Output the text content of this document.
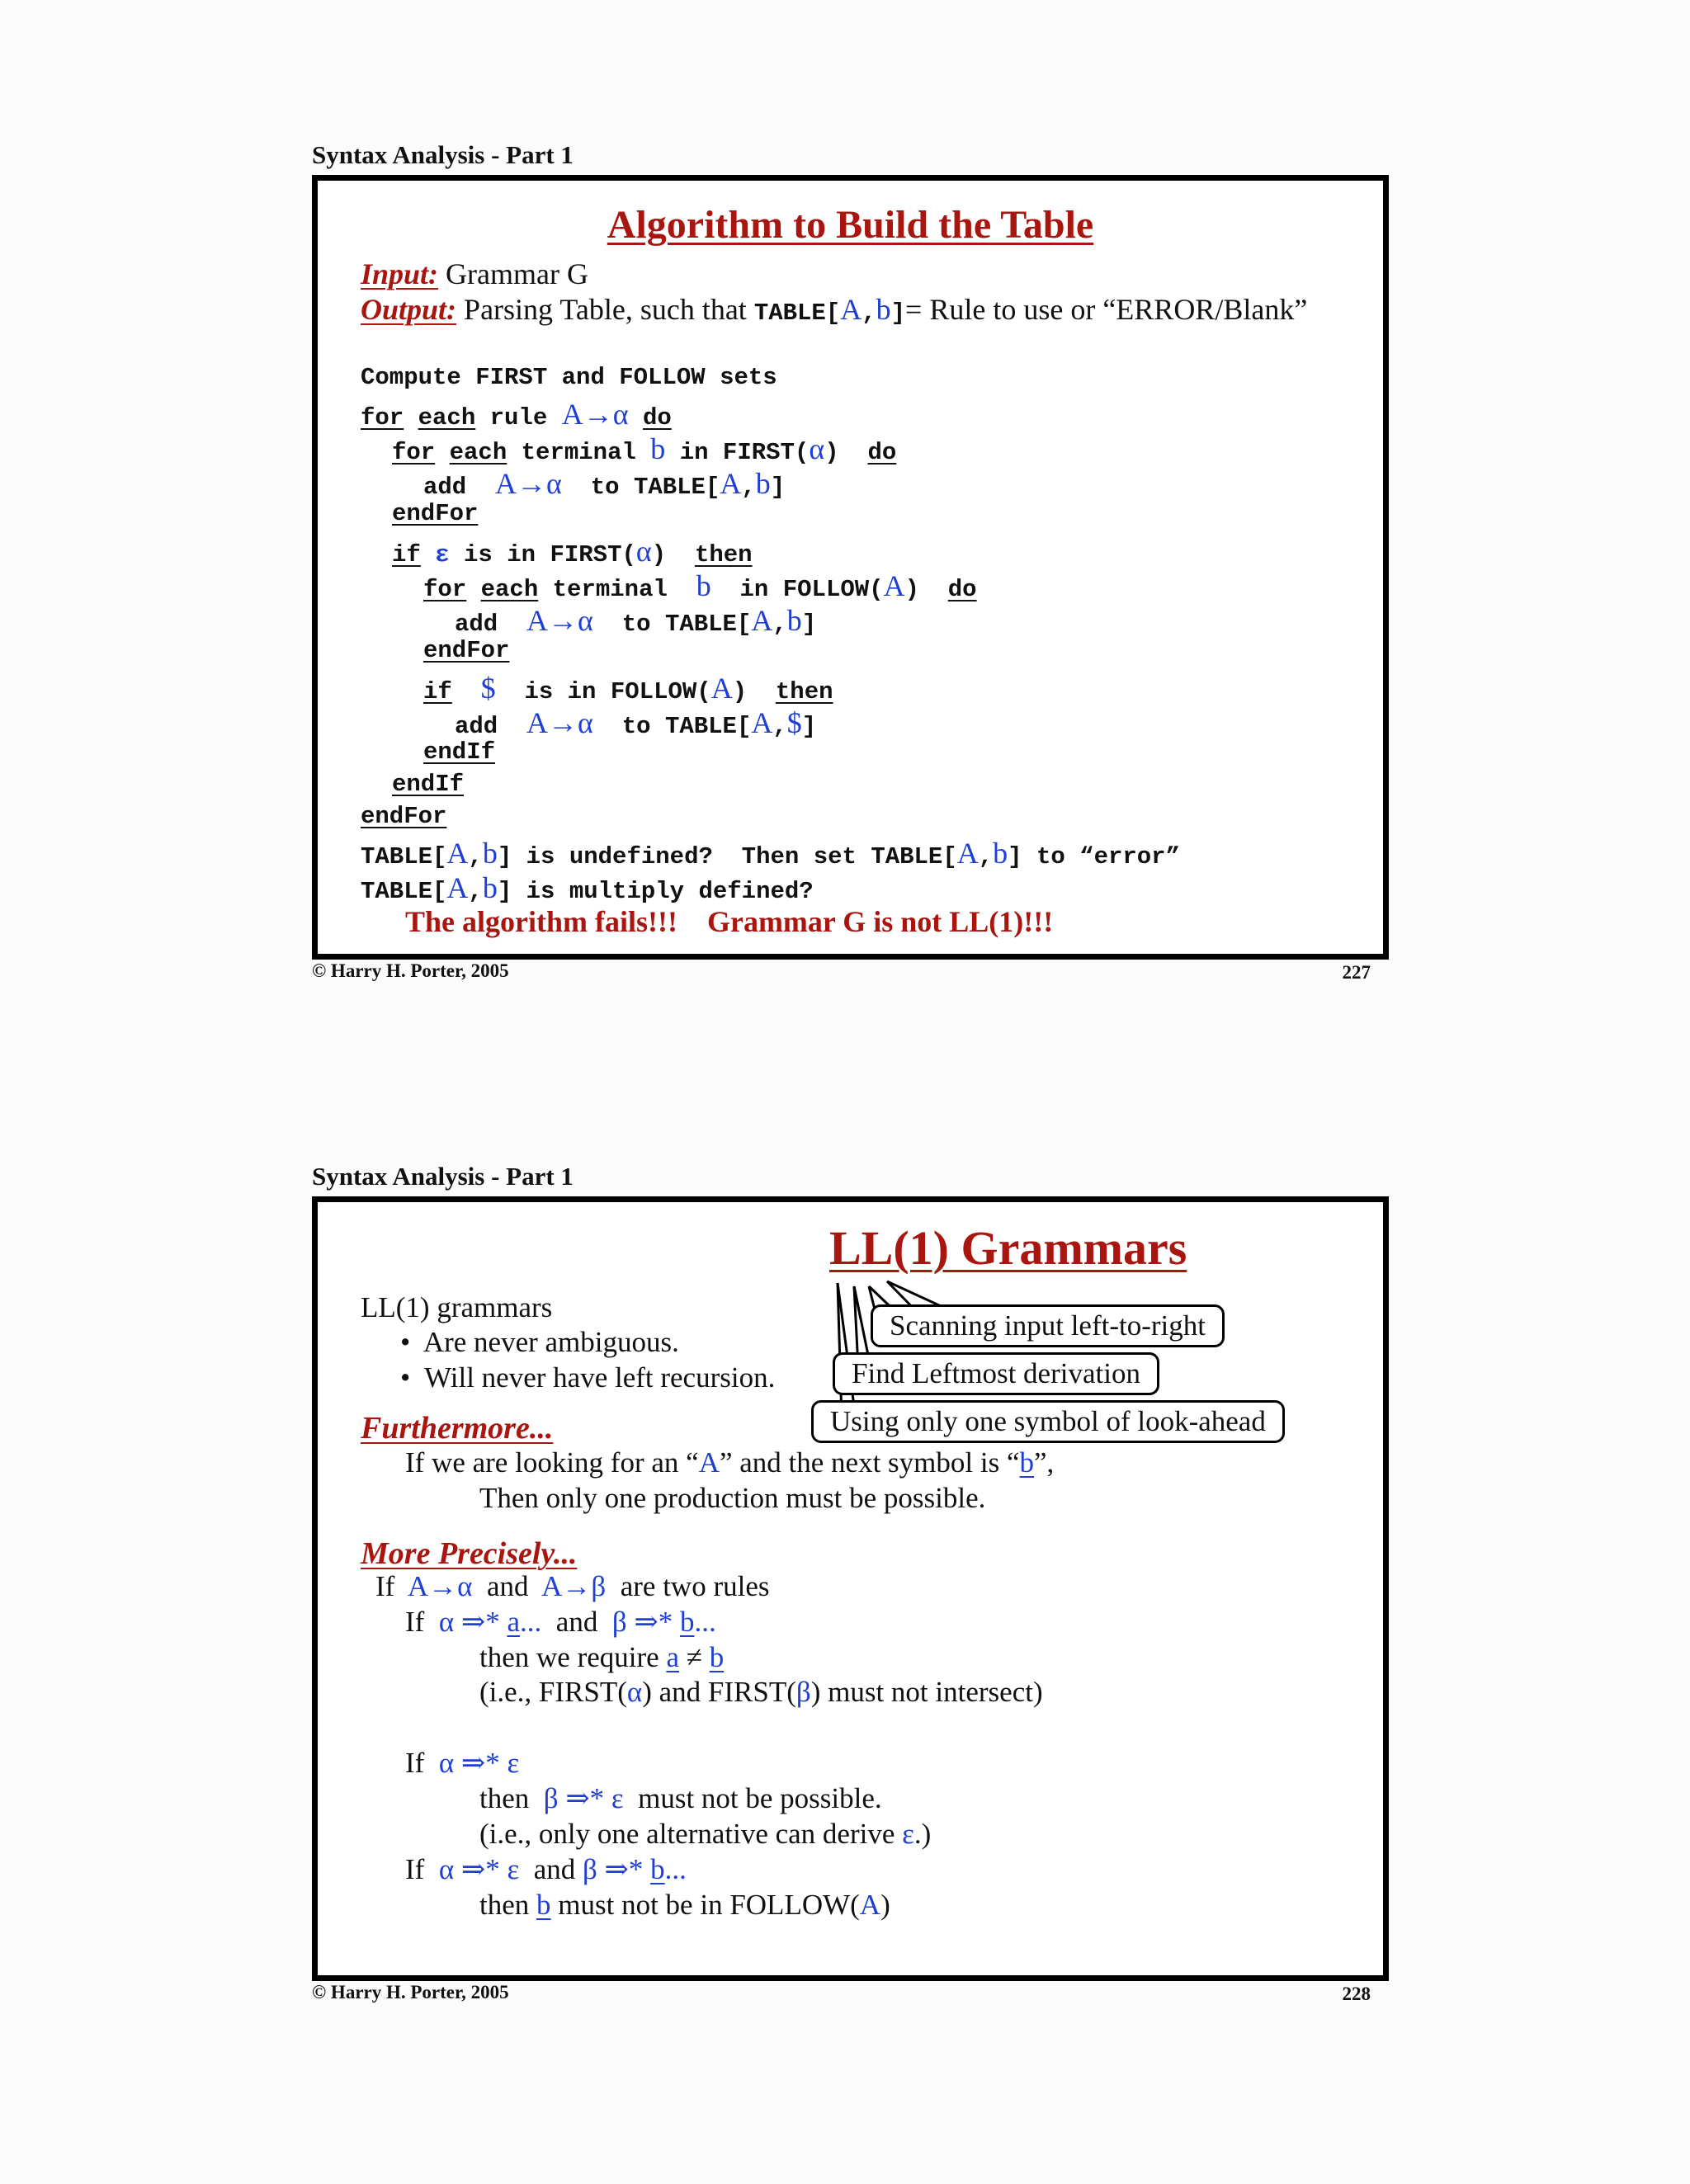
Syntax Analysis - Part 1
Algorithm to Build the Table
Input: Grammar G
Output: Parsing Table, such that TABLE[A,b]= Rule to use or “ERROR/Blank”
Compute FIRST and FOLLOW sets
for each rule A→α do
for each terminal b in FIRST(α) do
add A→α to TABLE[A,b]
endFor
if ε is in FIRST(α) then
for each terminal b in FOLLOW(A) do
add A→α to TABLE[A,b]
endFor
if $ is in FOLLOW(A) then
add A→α to TABLE[A,$]
endIf
endIf
endFor
TABLE[A,b] is undefined?  Then set TABLE[A,b] to “error”
TABLE[A,b] is multiply defined?
The algorithm fails!!!    Grammar G is not LL(1)!!!
© Harry H. Porter, 2005	227
Syntax Analysis - Part 1
LL(1) Grammars
Scanning input left-to-right
Find Leftmost derivation
Using only one symbol of look-ahead
LL(1) grammars
•  Are never ambiguous.
•  Will never have left recursion.
Furthermore...
If we are looking for an “A” and the next symbol is “b”,
Then only one production must be possible.
More Precisely...
If A→α and A→β are two rules
If α ⇒* a... and β ⇒* b...
then we require a ≠ b
(i.e., FIRST(α) and FIRST(β) must not intersect)
If α ⇒* ε
then β ⇒* ε must not be possible.
(i.e., only one alternative can derive ε.)
If α ⇒* ε and β ⇒* b...
then b must not be in FOLLOW(A)
© Harry H. Porter, 2005	228
